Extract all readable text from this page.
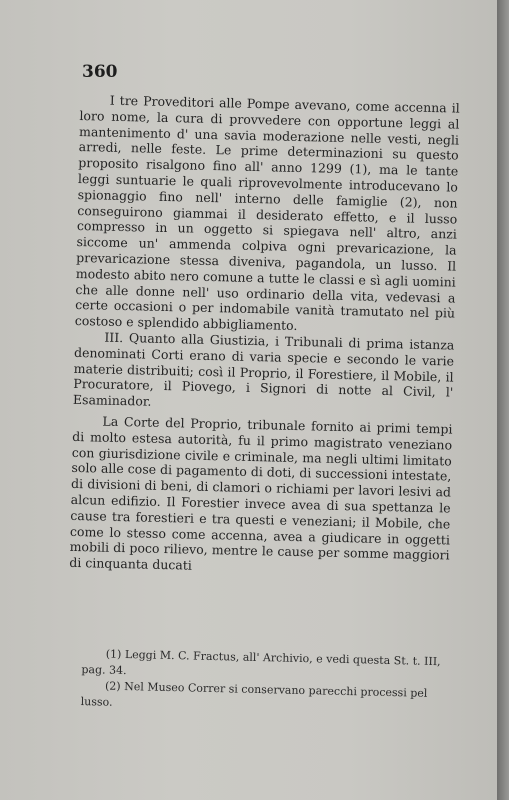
360

I tre Proveditori alle Pompe avevano, come accenna il loro nome, la cura di provvedere con opportune leggi al mantenimento d' una savia moderazione nelle vesti, negli arredi, nelle feste. Le prime determinazioni su questo proposito risalgono fino all' anno 1299 (1), ma le tante leggi suntuarie le quali riprovevolmente introducevano lo spionaggio fino nell' interno delle famiglie (2), non conseguirono giammai il desiderato effetto, e il lusso compresso in un oggetto si spiegava nell' altro, anzi siccome un' ammenda colpiva ogni prevaricazione, la prevaricazione stessa diveniva, pagandola, un lusso. Il modesto abito nero comune a tutte le classi e sì agli uomini che alle donne nell' uso ordinario della vita, vedevasi a certe occasioni o per indomabile vanità tramutato nel più costoso e splendido abbigliamento.

III. Quanto alla Giustizia, i Tribunali di prima istanza denominati Corti erano di varia specie e secondo le varie materie distribuiti; così il Proprio, il Forestiere, il Mobile, il Procuratore, il Piovego, i Signori di notte al Civil, l' Esaminador.

La Corte del Proprio, tribunale fornito ai primi tempi di molto estesa autorità, fu il primo magistrato veneziano con giurisdizione civile e criminale, ma negli ultimi limitato solo alle cose di pagamento di doti, di successioni intestate, di divisioni di beni, di clamori o richiami per lavori lesivi ad alcun edifizio. Il Forestier invece avea di sua spettanza le cause tra forestieri e tra questi e veneziani; il Mobile, che come lo stesso come accenna, avea a giudicare in oggetti mobili di poco rilievo, mentre le cause per somme maggiori di cinquanta ducati

(1) Leggi M. C. Fractus, all' Archivio, e vedi questa St. t. III, pag. 34.

(2) Nel Museo Correr si conservano parecchi processi pel lusso.
